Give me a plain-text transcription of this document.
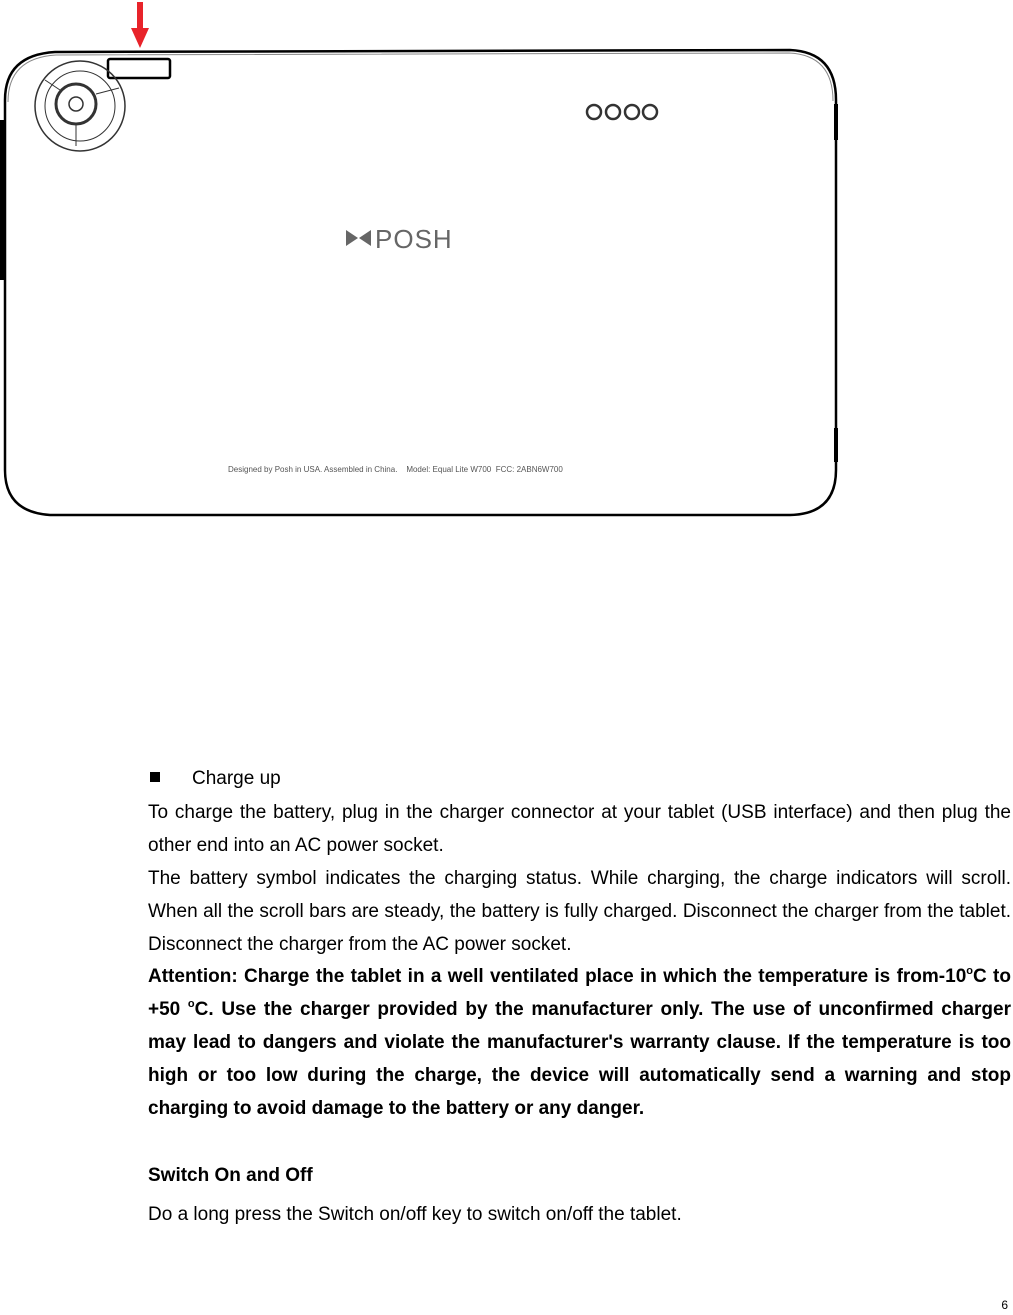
POSH
Designed by Posh in USA. Assembled in China.    Model: Equal Lite W700  FCC: 2ABN6W700
Charge up
To charge the battery, plug in the charger connector at your tablet (USB interface) and then plug the other end into an AC power socket.
The battery symbol indicates the charging status. While charging, the charge indicators will scroll. When all the scroll bars are steady, the battery is fully charged. Disconnect the charger from the tablet. Disconnect the charger from the AC power socket.
Attention: Charge the tablet in a well ventilated place in which the temperature is from-10$^o$C to +50 $^o$C. Use the charger provided by the manufacturer only. The use of unconfirmed charger may lead to dangers and violate the manufacturer's warranty clause. If the temperature is too high or too low during the charge, the device will automatically send a warning and stop charging to avoid damage to the battery or any danger.
Switch On and Off
Do a long press the Switch on/off key to switch on/off the tablet.
6
